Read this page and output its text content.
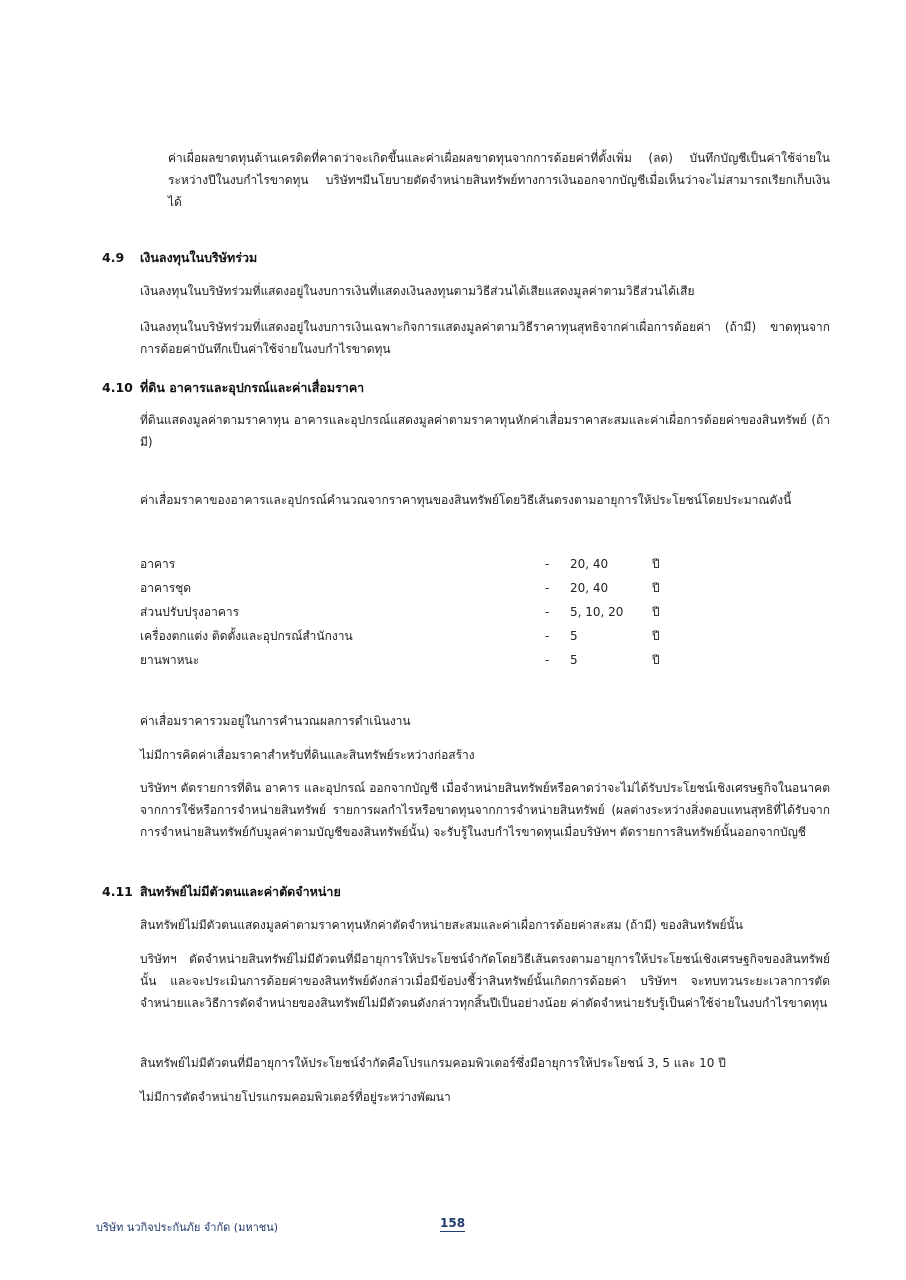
ค่าเผื่อผลขาดทุนด้านเครดิตที่คาดว่าจะเกิดขึ้นและค่าเผื่อผลขาดทุนจากการด้อยค่าที่ตั้งเพิ่ม (ลด) บันทึกบัญชีเป็นค่าใช้จ่ายในระหว่างปีในงบกำไรขาดทุน บริษัทฯมีนโยบายตัดจำหน่ายสินทรัพย์ทางการเงินออกจากบัญชีเมื่อเห็นว่าจะไม่สามารถเรียกเก็บเงินได้

4.9 เงินลงทุนในบริษัทร่วม

เงินลงทุนในบริษัทร่วมที่แสดงอยู่ในงบการเงินที่แสดงเงินลงทุนตามวิธีส่วนได้เสียแสดงมูลค่าตามวิธีส่วนได้เสีย

เงินลงทุนในบริษัทร่วมที่แสดงอยู่ในงบการเงินเฉพาะกิจการแสดงมูลค่าตามวิธีราคาทุนสุทธิจากค่าเผื่อการด้อยค่า (ถ้ามี) ขาดทุนจากการด้อยค่าบันทึกเป็นค่าใช้จ่ายในงบกำไรขาดทุน

4.10 ที่ดิน อาคารและอุปกรณ์และค่าเสื่อมราคา

ที่ดินแสดงมูลค่าตามราคาทุน อาคารและอุปกรณ์แสดงมูลค่าตามราคาทุนหักค่าเสื่อมราคาสะสมและค่าเผื่อการด้อยค่าของสินทรัพย์ (ถ้ามี)

ค่าเสื่อมราคาของอาคารและอุปกรณ์คำนวณจากราคาทุนของสินทรัพย์โดยวิธีเส้นตรงตามอายุการให้ประโยชน์โดยประมาณดังนี้

อาคาร	-	20, 40	ปี
อาคารชุด	-	20, 40	ปี
ส่วนปรับปรุงอาคาร	-	5, 10, 20	ปี
เครื่องตกแต่ง ติดตั้งและอุปกรณ์สำนักงาน	-	5	ปี
ยานพาหนะ	-	5	ปี

ค่าเสื่อมราคารวมอยู่ในการคำนวณผลการดำเนินงาน

ไม่มีการคิดค่าเสื่อมราคาสำหรับที่ดินและสินทรัพย์ระหว่างก่อสร้าง

บริษัทฯ ตัดรายการที่ดิน อาคาร และอุปกรณ์ ออกจากบัญชี เมื่อจำหน่ายสินทรัพย์หรือคาดว่าจะไม่ได้รับประโยชน์เชิงเศรษฐกิจในอนาคตจากการใช้หรือการจำหน่ายสินทรัพย์ รายการผลกำไรหรือขาดทุนจากการจำหน่ายสินทรัพย์ (ผลต่างระหว่างสิ่งตอบแทนสุทธิที่ได้รับจากการจำหน่ายสินทรัพย์กับมูลค่าตามบัญชีของสินทรัพย์นั้น) จะรับรู้ในงบกำไรขาดทุนเมื่อบริษัทฯ ตัดรายการสินทรัพย์นั้นออกจากบัญชี

4.11 สินทรัพย์ไม่มีตัวตนและค่าตัดจำหน่าย

สินทรัพย์ไม่มีตัวตนแสดงมูลค่าตามราคาทุนหักค่าตัดจำหน่ายสะสมและค่าเผื่อการด้อยค่าสะสม (ถ้ามี) ของสินทรัพย์นั้น

บริษัทฯ ตัดจำหน่ายสินทรัพย์ไม่มีตัวตนที่มีอายุการให้ประโยชน์จำกัดโดยวิธีเส้นตรงตามอายุการให้ประโยชน์เชิงเศรษฐกิจของสินทรัพย์นั้น และจะประเมินการด้อยค่าของสินทรัพย์ดังกล่าวเมื่อมีข้อบ่งชี้ว่าสินทรัพย์นั้นเกิดการด้อยค่า บริษัทฯ จะทบทวนระยะเวลาการตัดจำหน่ายและวิธีการตัดจำหน่ายของสินทรัพย์ไม่มีตัวตนดังกล่าวทุกสิ้นปีเป็นอย่างน้อย ค่าตัดจำหน่ายรับรู้เป็นค่าใช้จ่ายในงบกำไรขาดทุน

สินทรัพย์ไม่มีตัวตนที่มีอายุการให้ประโยชน์จำกัดคือโปรแกรมคอมพิวเตอร์ซึ่งมีอายุการให้ประโยชน์ 3, 5 และ 10 ปี

ไม่มีการตัดจำหน่ายโปรแกรมคอมพิวเตอร์ที่อยู่ระหว่างพัฒนา

บริษัท นวกิจประกันภัย จำกัด (มหาชน)	158
